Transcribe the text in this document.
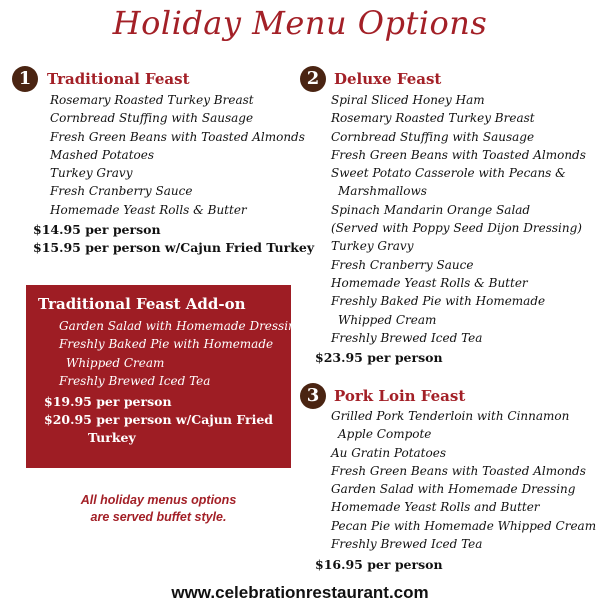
Holiday Menu Options
1	Traditional Feast
Rosemary Roasted Turkey Breast
Cornbread Stuffing with Sausage
Fresh Green Beans with Toasted Almonds
Mashed Potatoes
Turkey Gravy
Fresh Cranberry Sauce
Homemade Yeast Rolls & Butter
$14.95 per person
$15.95 per person w/Cajun Fried Turkey
Traditional Feast Add-on
Garden Salad with Homemade Dressing
Freshly Baked Pie with Homemade
Whipped Cream
Freshly Brewed Iced Tea
$19.95 per person
$20.95 per person w/Cajun Fried
Turkey
All holiday menus options
are served buffet style.
2 Deluxe Feast
Spiral Sliced Honey Ham
Rosemary Roasted Turkey Breast
Cornbread Stuffing with Sausage
Fresh Green Beans with Toasted Almonds
Sweet Potato Casserole with Pecans &
Marshmallows
Spinach Mandarin Orange Salad
(Served with Poppy Seed Dijon Dressing)
Turkey Gravy
Fresh Cranberry Sauce
Homemade Yeast Rolls & Butter
Freshly Baked Pie with Homemade
Whipped Cream
Freshly Brewed Iced Tea
$23.95 per person
3 Pork Loin Feast
Grilled Pork Tenderloin with Cinnamon
Apple Compote
Au Gratin Potatoes
Fresh Green Beans with Toasted Almonds
Garden Salad with Homemade Dressing
Homemade Yeast Rolls and Butter
Pecan Pie with Homemade Whipped Cream
Freshly Brewed Iced Tea
$16.95 per person
www.celebrationrestaurant.com
